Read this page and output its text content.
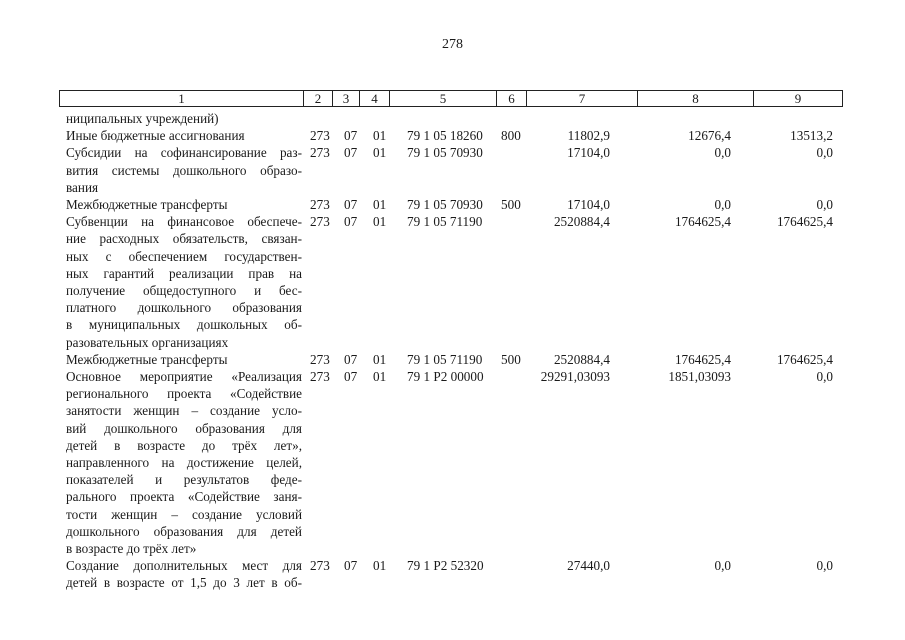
278
1	2	3	4	5	6	7	8	9
ниципальных учреждений)
Иные бюджетные ассигнования	273 07 01 79 1 05 18260 800	11802,9	12676,4	13513,2
Субсидии на софинансирование раз-
вития системы дошкольного образо-
вания
273 07 01 79 1 05 70930	17104,0	0,0	0,0
Межбюджетные трансферты	273 07 01 79 1 05 70930 500	17104,0	0,0	0,0
Субвенции на финансовое обеспече-
ние расходных обязательств, связан-
ных с обеспечением государствен-
ных гарантий реализации прав на
получение общедоступного и бес-
платного дошкольного образования
в муниципальных дошкольных об-
разовательных организациях
273 07 01 79 1 05 71190	2520884,4	1764625,4	1764625,4
Межбюджетные трансферты	273 07 01 79 1 05 71190 500	2520884,4	1764625,4	1764625,4
Основное мероприятие «Реализация
регионального проекта «Содействие
занятости женщин – создание усло-
вий дошкольного образования для
детей в возрасте до трёх лет»,
направленного на достижение целей,
показателей и результатов феде-
рального проекта «Содействие заня-
тости женщин – создание условий
дошкольного образования для детей
в возрасте до трёх лет»
273 07 01 79 1 P2 00000	29291,03093	1851,03093	0,0
Создание дополнительных мест для
детей в возрасте от 1,5 до 3 лет в об-
273 07 01 79 1 P2 52320	27440,0	0,0	0,0
